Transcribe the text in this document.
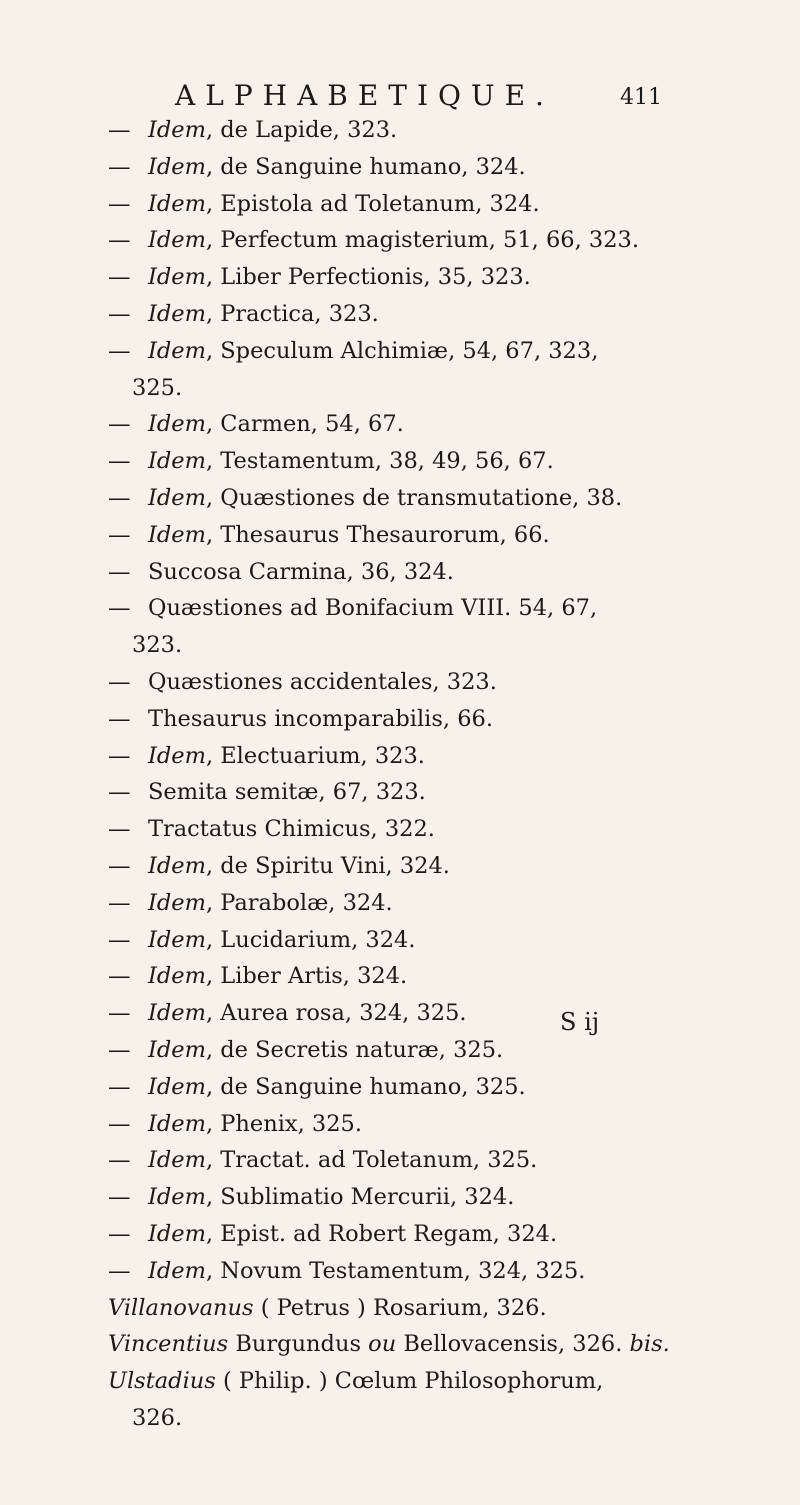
ALPHABETIQUE.	411
— Idem, de Lapide, 323.
— Idem, de Sanguine humano, 324.
— Idem, Epistola ad Toletanum, 324.
— Idem, Perfectum magisterium, 51, 66, 323.
— Idem, Liber Perfectionis, 35, 323.
— Idem, Practica, 323.
— Idem, Speculum Alchimiæ, 54, 67, 323,
325.
— Idem, Carmen, 54, 67.
— Idem, Testamentum, 38, 49, 56, 67.
— Idem, Quæstiones de transmutatione, 38.
— Idem, Thesaurus Thesaurorum, 66.
— Succosa Carmina, 36, 324.
— Quæstiones ad Bonifacium VIII. 54, 67,
323.
— Quæstiones accidentales, 323.
— Thesaurus incomparabilis, 66.
— Idem, Electuarium, 323.
— Semita semitæ, 67, 323.
— Tractatus Chimicus, 322.
— Idem, de Spiritu Vini, 324.
— Idem, Parabolæ, 324.
— Idem, Lucidarium, 324.
— Idem, Liber Artis, 324.
— Idem, Aurea rosa, 324, 325.
— Idem, de Secretis naturæ, 325.
— Idem, de Sanguine humano, 325.
— Idem, Phenix, 325.
— Idem, Tractat. ad Toletanum, 325.
— Idem, Sublimatio Mercurii, 324.
— Idem, Epist. ad Robert Regam, 324.
— Idem, Novum Testamentum, 324, 325.
Villanovanus ( Petrus ) Rosarium, 326.
Vincentius Burgundus ou Bellovacensis, 326. bis.
Ulstadius ( Philip. ) Cœlum Philosophorum,
326.
S ij
